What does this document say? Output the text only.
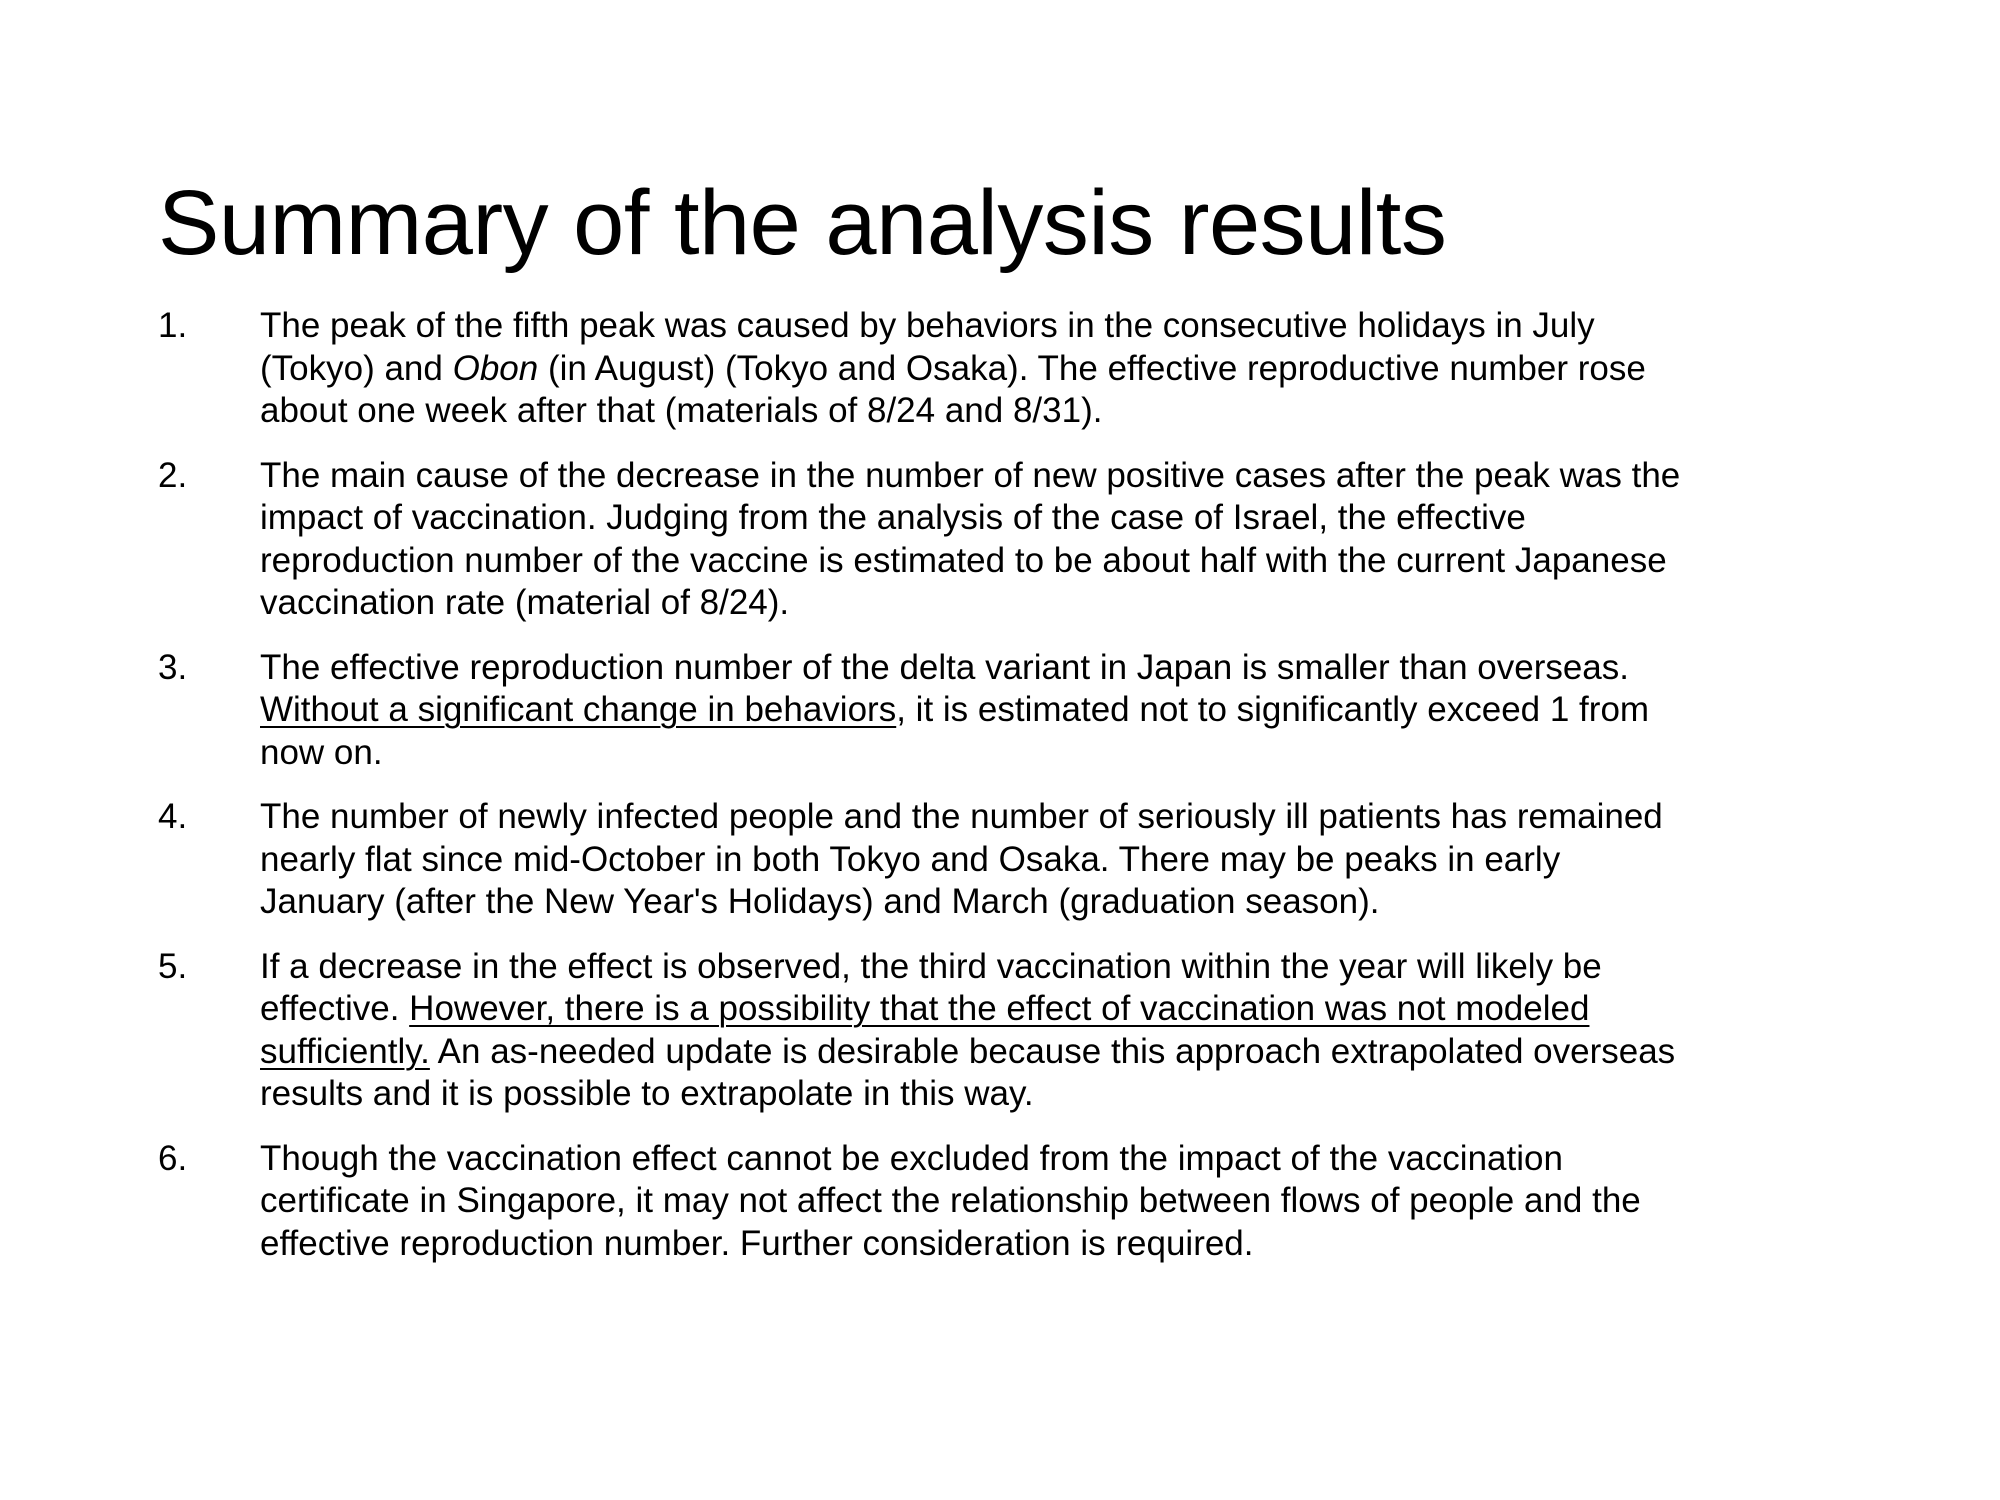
Summary of the analysis results
1. The peak of the fifth peak was caused by behaviors in the consecutive holidays in July
(Tokyo) and Obon (in August) (Tokyo and Osaka). The effective reproductive number rose
about one week after that (materials of 8/24 and 8/31).
2. The main cause of the decrease in the number of new positive cases after the peak was the
impact of vaccination. Judging from the analysis of the case of Israel, the effective
reproduction number of the vaccine is estimated to be about half with the current Japanese
vaccination rate (material of 8/24).
3. The effective reproduction number of the delta variant in Japan is smaller than overseas.
Without a significant change in behaviors, it is estimated not to significantly exceed 1 from
now on.
4. The number of newly infected people and the number of seriously ill patients has remained
nearly flat since mid-October in both Tokyo and Osaka. There may be peaks in early
January (after the New Year's Holidays) and March (graduation season).
5. If a decrease in the effect is observed, the third vaccination within the year will likely be
effective. However, there is a possibility that the effect of vaccination was not modeled
sufficiently. An as-needed update is desirable because this approach extrapolated overseas
results and it is possible to extrapolate in this way.
6. Though the vaccination effect cannot be excluded from the impact of the vaccination
certificate in Singapore, it may not affect the relationship between flows of people and the
effective reproduction number. Further consideration is required.
